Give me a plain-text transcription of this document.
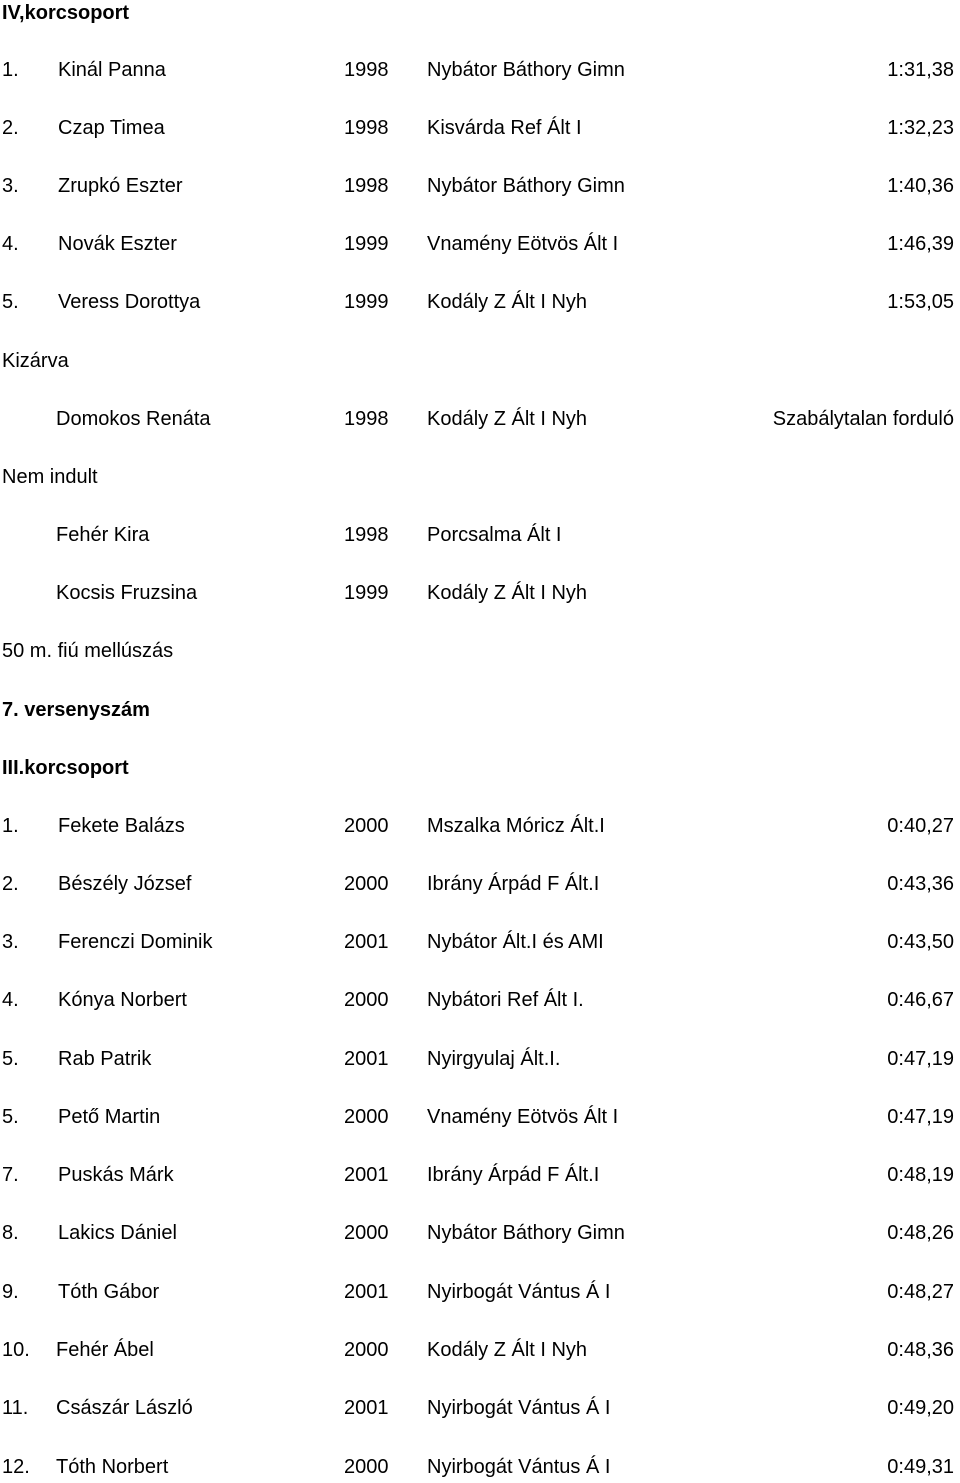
IV,korcsoport
1. Kinál Panna	1998 Nybátor Báthory Gimn	1:31,38
2. Czap Timea	1998 Kisvárda Ref Ált I	1:32,23
3. Zrupkó Eszter	1998 Nybátor Báthory Gimn	1:40,36
4. Novák Eszter	1999 Vnamény Eötvös Ált I	1:46,39
5. Veress Dorottya	1999 Kodály Z Ált I Nyh	1:53,05
Kizárva
Domokos Renáta	1998 Kodály Z Ált I Nyh	Szabálytalan forduló
Nem indult
Fehér Kira	1998 Porcsalma Ált I
Kocsis Fruzsina	1999 Kodály Z Ált I Nyh
50 m. fiú mellúszás
7. versenyszám
III.korcsoport
1. Fekete Balázs	2000 Mszalka Móricz Ált.I	0:40,27
2. Bészély József	2000 Ibrány Árpád F Ált.I	0:43,36
3. Ferenczi Dominik	2001 Nybátor Ált.I és AMI	0:43,50
4. Kónya Norbert	2000 Nybátori Ref Ált I.	0:46,67
5. Rab Patrik	2001 Nyirgyulaj Ált.I.	0:47,19
5. Pető Martin	2000 Vnamény Eötvös Ált I	0:47,19
7. Puskás Márk	2001 Ibrány Árpád F Ált.I	0:48,19
8. Lakics Dániel	2000 Nybátor Báthory Gimn	0:48,26
9. Tóth Gábor	2001 Nyirbogát Vántus Á I	0:48,27
10. Fehér Ábel	2000 Kodály Z Ált I Nyh	0:48,36
11. Császár László	2001 Nyirbogát Vántus Á I	0:49,20
12. Tóth Norbert	2000 Nyirbogát Vántus Á I	0:49,31
